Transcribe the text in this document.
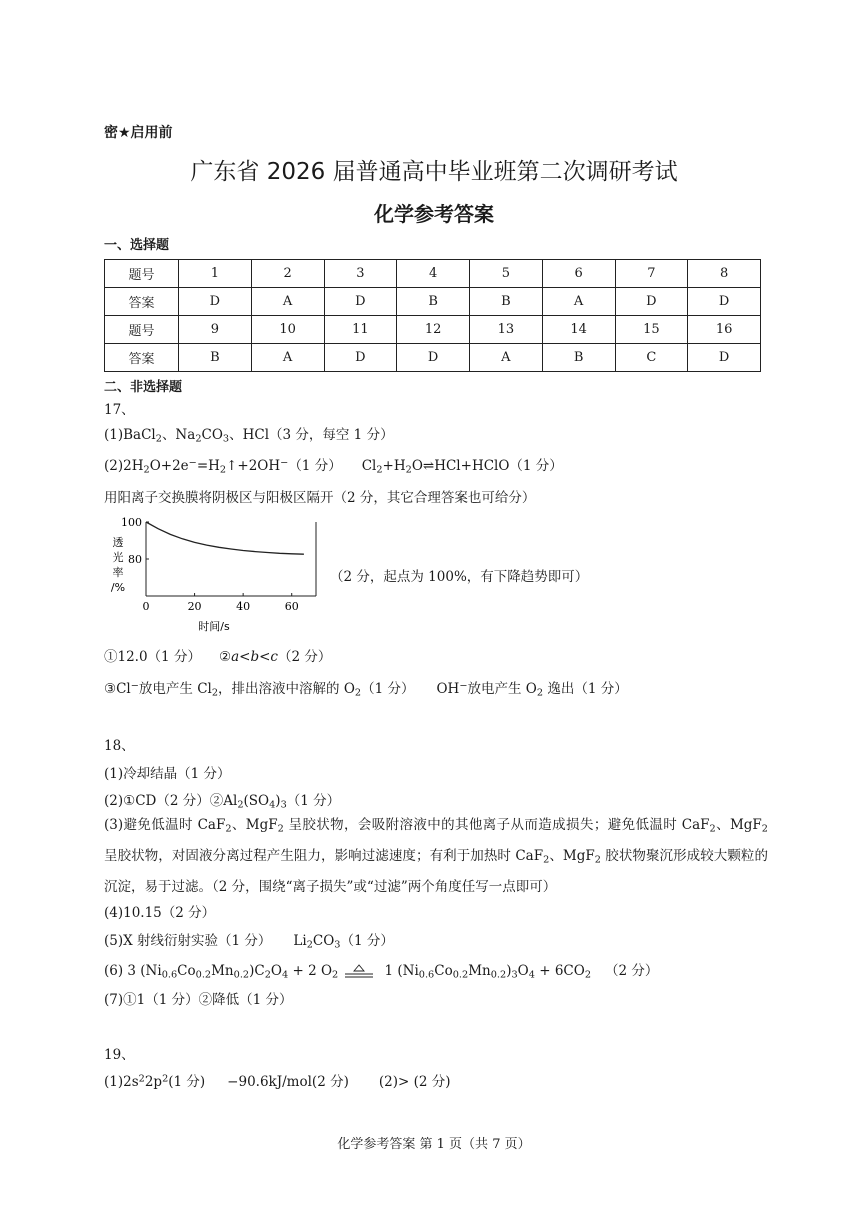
密★启用前
广东省 2026 届普通高中毕业班第二次调研考试
化学参考答案
一、选择题
题号	1	2	3	4	5	6	7	8
答案	D	A	D	B	B	A	D	D
题号	9	10	11	12	13	14	15	16
答案	B	A	D	D	A	B	C	D
二、非选择题
17、
(1)BaCl$_2$、$Na_2CO_3$、HCl（3 分，每空 1 分）
$(2)2H_2O+2e^-=H_2↑+2OH^-(1$ 分） $Cl_2+H_2O\rightleftharpoons HCl+HClO(1$ 分）
用阳离子交换膜将阴极区与阳极区隔开（2 分，其它合理答案也可给分）
0	20	40	60
80
100
透光率/%
时间/s
（2 分，起点为 100%，有下降趋势即可）
①12.0（1 分） ②a<b<c（2 分）
③Cl−放电产生 $Cl_2$，排出溶液中溶解的 $O_2(1$ 分） OH−放电产生 $O_2$ 逸出（1 分）
18、
(1)冷却结晶（1 分）
(2)①CD（2 分）$②Al_2(SO_4)_3(1$ 分）
(3)避免低温时 CaF$_2$、MgF$_2$ 呈胶状物，会吸附溶液中的其他离子从而造成损失；避免低温时 CaF$_2$、MgF$_2$ 呈胶状物，对固液分离过程产生阻力，影响过滤速度；有利于加热时 CaF$_2$、MgF$_2$ 胶状物聚沉形成较大颗粒的沉淀，易于过滤。（2 分，围绕“离子损失”或“过滤”两个角度任写一点即可）
(4)10.15（2 分）
(5)X 射线衍射实验（1 分） $Li_2CO_3(1$ 分）
(6) 3 $(Ni_{0.6}Co_{0.2}Mn_{0.2})C_2O_4 + 2$ $O_2$	1 $(Ni_{0.6}Co_{0.2}Mn_{0.2})_3O_4 + 6CO_2$ （2 分）
(7)①1（1 分）②降低（1 分）
19、
$(1)2s^22p^2(1$ 分) −90.6kJ/mol(2 分) (2)> (2 分)
化学参考答案 第 1 页（共 7 页）
